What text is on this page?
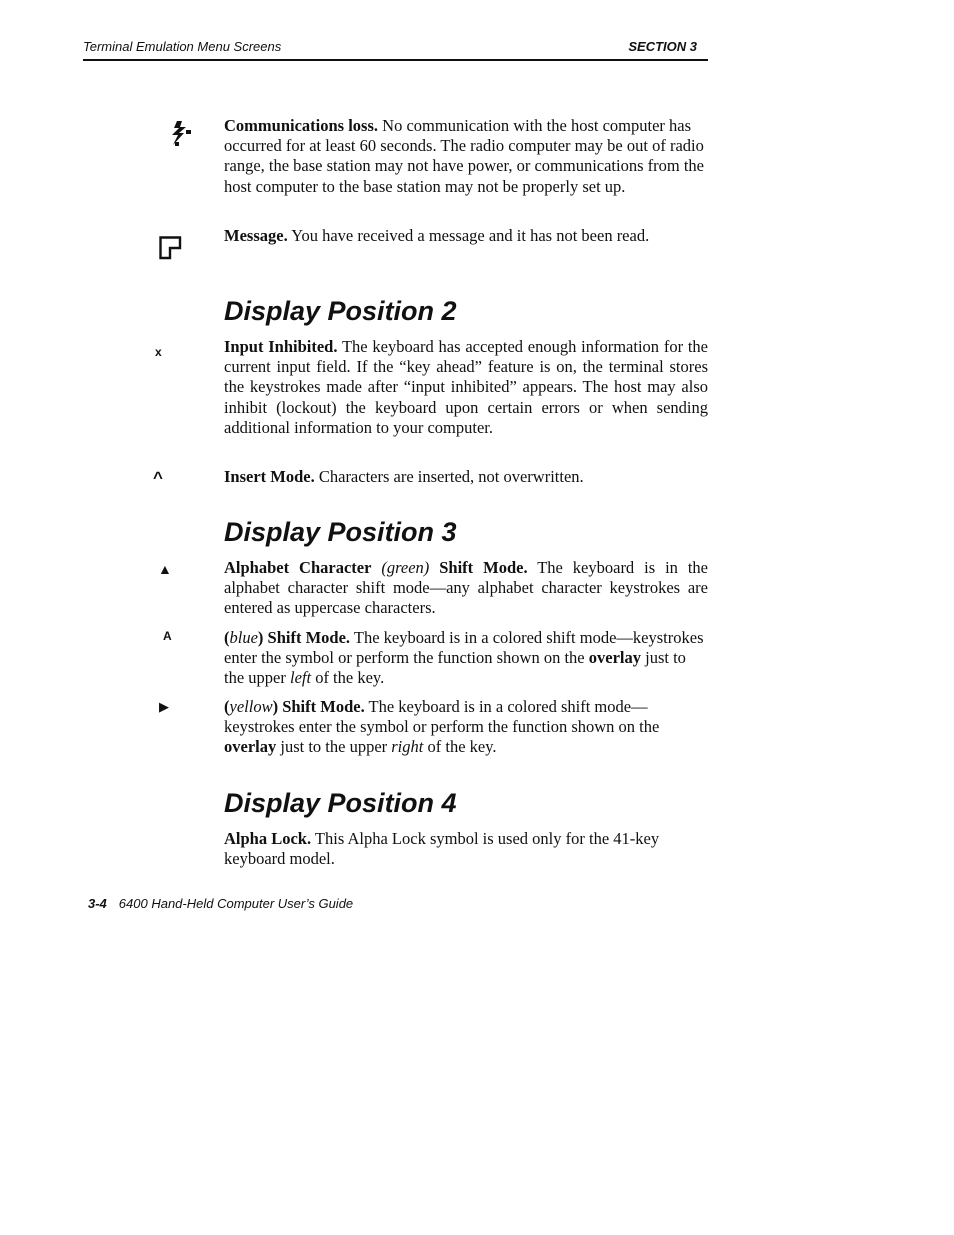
Terminal Emulation Menu Screens	SECTION 3
Communications loss. No communication with the host computer has occurred for at least 60 seconds. The radio computer may be out of radio range, the base station may not have power, or communications from the host computer to the base station may not be properly set up.
Message. You have received a message and it has not been read.
Display Position 2
x	Input Inhibited. The keyboard has accepted enough information for the current input field. If the “key ahead” feature is on, the terminal stores the keystrokes made after “input inhibited” appears. The host may also inhibit (lockout) the keyboard upon certain errors or when sending additional information to your computer.
^	Insert Mode. Characters are inserted, not overwritten.
Display Position 3
▲	Alphabet Character (green) Shift Mode. The keyboard is in the alphabet character shift mode—any alphabet character keystrokes are entered as uppercase characters.
A	(blue) Shift Mode. The keyboard is in a colored shift mode—keystrokes enter the symbol or perform the function shown on the overlay just to the upper left of the key.
▶	(yellow) Shift Mode. The keyboard is in a colored shift mode—keystrokes enter the symbol or perform the function shown on the overlay just to the upper right of the key.
Display Position 4
Alpha Lock. This Alpha Lock symbol is used only for the 41-key keyboard model.
3-4 6400 Hand-Held Computer User’s Guide
